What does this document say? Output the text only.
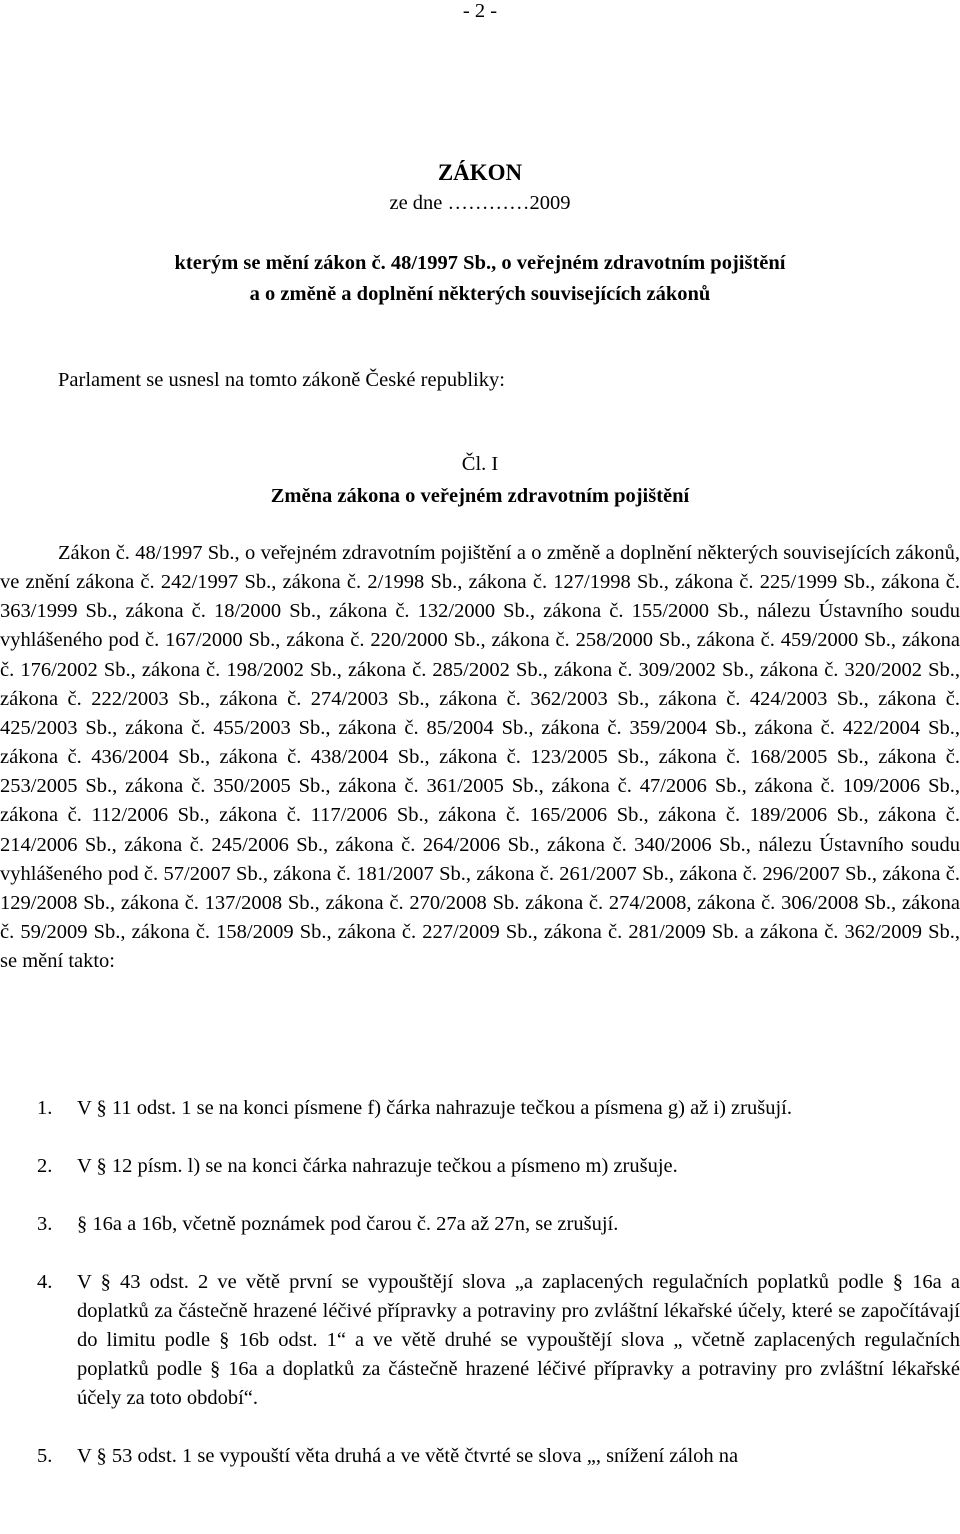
- 2 -
ZÁKON
ze dne …………2009
kterým se mění zákon č. 48/1997 Sb., o veřejném zdravotním pojištění
a o změně a doplnění některých souvisejících zákonů
Parlament se usnesl na tomto zákoně České republiky:
Čl. I
Změna zákona o veřejném zdravotním pojištění
Zákon č. 48/1997 Sb., o veřejném zdravotním pojištění a o změně a doplnění některých souvisejících zákonů, ve znění zákona č. 242/1997 Sb., zákona č. 2/1998 Sb., zákona č. 127/1998 Sb., zákona č. 225/1999 Sb., zákona č. 363/1999 Sb., zákona č. 18/2000 Sb., zákona č. 132/2000 Sb., zákona č. 155/2000 Sb., nálezu Ústavního soudu vyhlášeného pod č. 167/2000 Sb., zákona č. 220/2000 Sb., zákona č. 258/2000 Sb., zákona č. 459/2000 Sb., zákona č. 176/2002 Sb., zákona č. 198/2002 Sb., zákona č. 285/2002 Sb., zákona č. 309/2002 Sb., zákona č. 320/2002 Sb., zákona č. 222/2003 Sb., zákona č. 274/2003 Sb., zákona č. 362/2003 Sb., zákona č. 424/2003 Sb., zákona č. 425/2003 Sb., zákona č. 455/2003 Sb., zákona č. 85/2004 Sb., zákona č. 359/2004 Sb., zákona č. 422/2004 Sb., zákona č. 436/2004 Sb., zákona č. 438/2004 Sb., zákona č. 123/2005 Sb., zákona č. 168/2005 Sb., zákona č. 253/2005 Sb., zákona č. 350/2005 Sb., zákona č. 361/2005 Sb., zákona č. 47/2006 Sb., zákona č. 109/2006 Sb., zákona č. 112/2006 Sb., zákona č. 117/2006 Sb., zákona č. 165/2006 Sb., zákona č. 189/2006 Sb., zákona č. 214/2006 Sb., zákona č. 245/2006 Sb., zákona č. 264/2006 Sb., zákona č. 340/2006 Sb., nálezu Ústavního soudu vyhlášeného pod č. 57/2007 Sb., zákona č. 181/2007 Sb., zákona č. 261/2007 Sb., zákona č. 296/2007 Sb., zákona č. 129/2008 Sb., zákona č. 137/2008 Sb., zákona č. 270/2008 Sb. zákona č. 274/2008, zákona č. 306/2008 Sb., zákona č. 59/2009 Sb., zákona č. 158/2009 Sb., zákona č. 227/2009 Sb., zákona č. 281/2009 Sb. a zákona č. 362/2009 Sb., se mění takto:
1. V § 11 odst. 1 se na konci písmene f) čárka nahrazuje tečkou a písmena g) až i) zrušují.
2. V § 12 písm. l) se na konci čárka nahrazuje tečkou a písmeno m) zrušuje.
3. § 16a a 16b, včetně poznámek pod čarou č. 27a až 27n, se zrušují.
4. V § 43 odst. 2 ve větě první se vypouštějí slova „a zaplacených regulačních poplatků podle § 16a a doplatků za částečně hrazené léčivé přípravky a potraviny pro zvláštní lékařské účely, které se započítávají do limitu podle § 16b odst. 1“ a ve větě druhé se vypouštějí slova „ včetně zaplacených regulačních poplatků podle § 16a a doplatků za částečně hrazené léčivé přípravky a potraviny pro zvláštní lékařské účely za toto období“.
5. V § 53 odst. 1 se vypouští věta druhá a ve větě čtvrté se slova „, snížení záloh na
